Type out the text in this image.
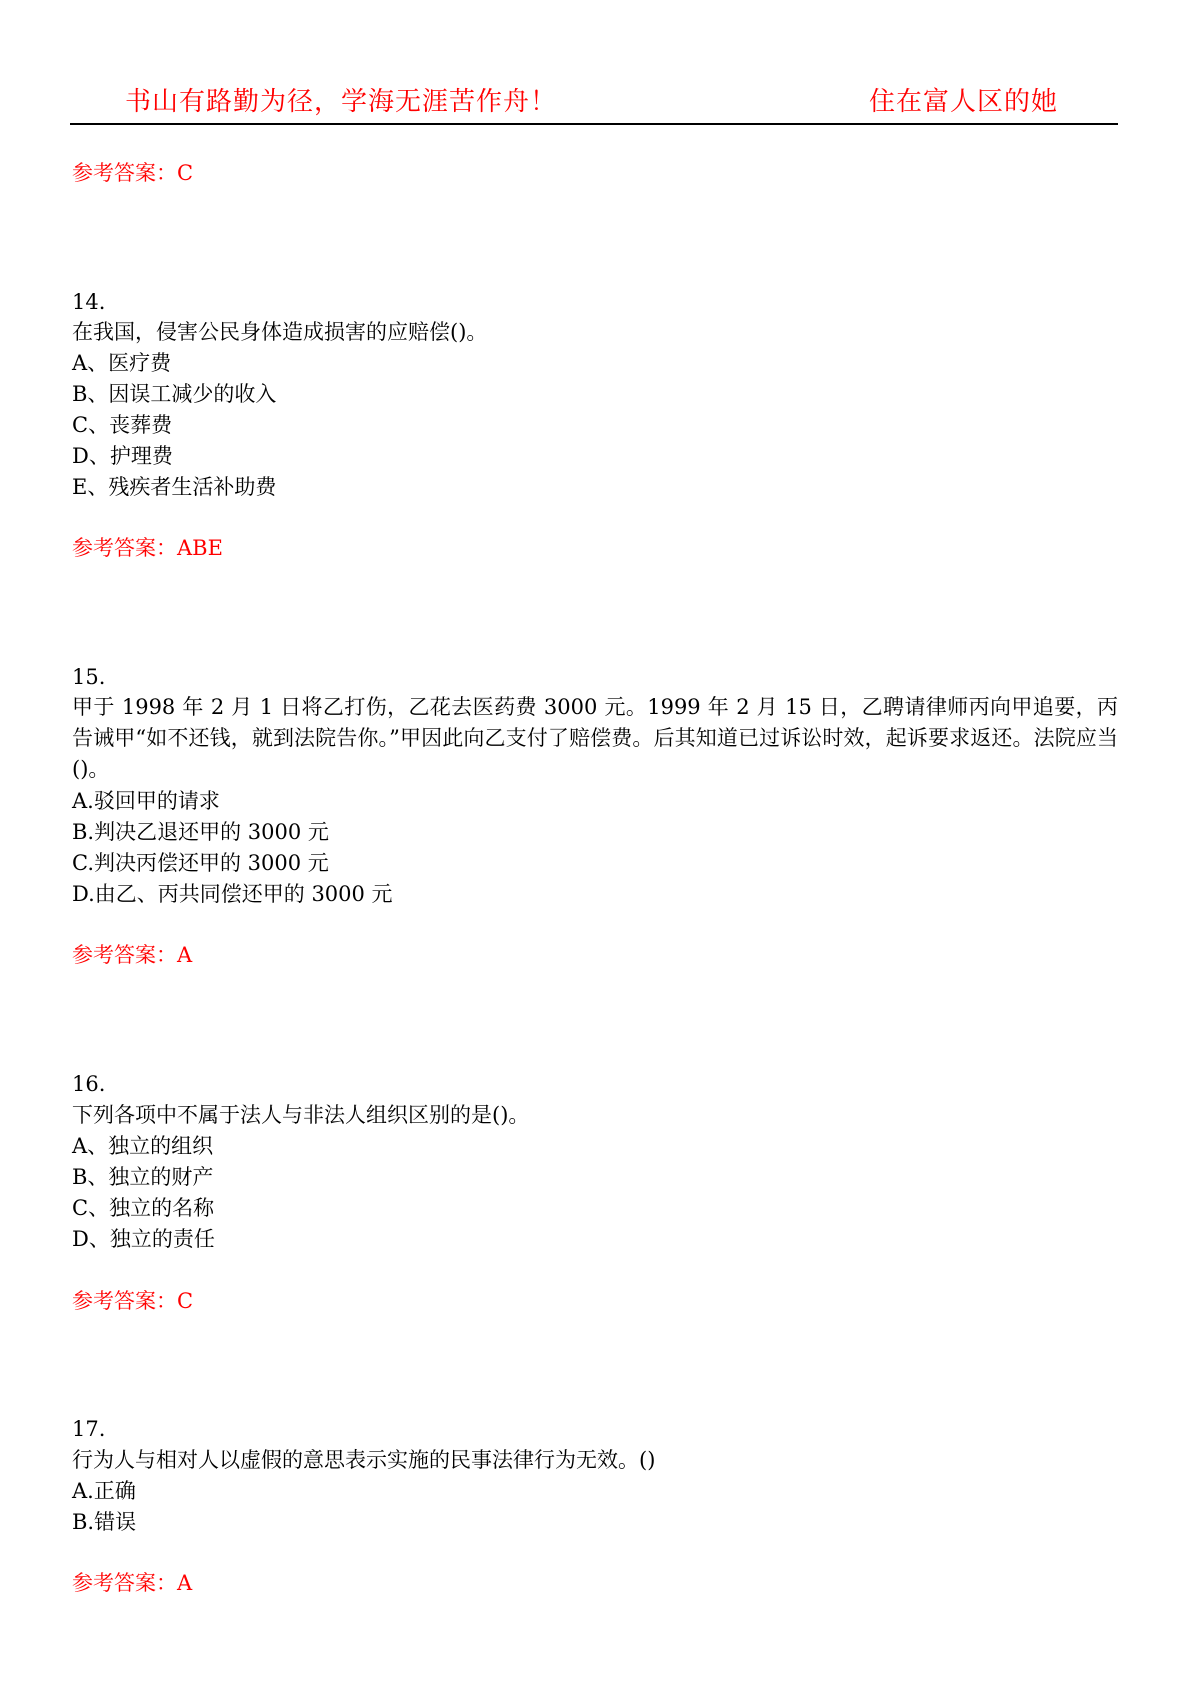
书山有路勤为径，学海无涯苦作舟！	住在富人区的她
参考答案：C
14.
在我国，侵害公民身体造成损害的应赔偿()。
A、医疗费
B、因误工减少的收入
C、丧葬费
D、护理费
E、残疾者生活补助费
参考答案：ABE
15.
甲于 1998 年 2 月 1 日将乙打伤，乙花去医药费 3000 元。1999 年 2 月 15 日，乙聘请律师丙向甲追要，丙告诫甲“如不还钱，就到法院告你。”甲因此向乙支付了赔偿费。后其知道已过诉讼时效，起诉要求返还。法院应当()。
A.驳回甲的请求
B.判决乙退还甲的 3000 元
C.判决丙偿还甲的 3000 元
D.由乙、丙共同偿还甲的 3000 元
参考答案：A
16.
下列各项中不属于法人与非法人组织区别的是()。
A、独立的组织
B、独立的财产
C、独立的名称
D、独立的责任
参考答案：C
17.
行为人与相对人以虚假的意思表示实施的民事法律行为无效。()
A.正确
B.错误
参考答案：A
